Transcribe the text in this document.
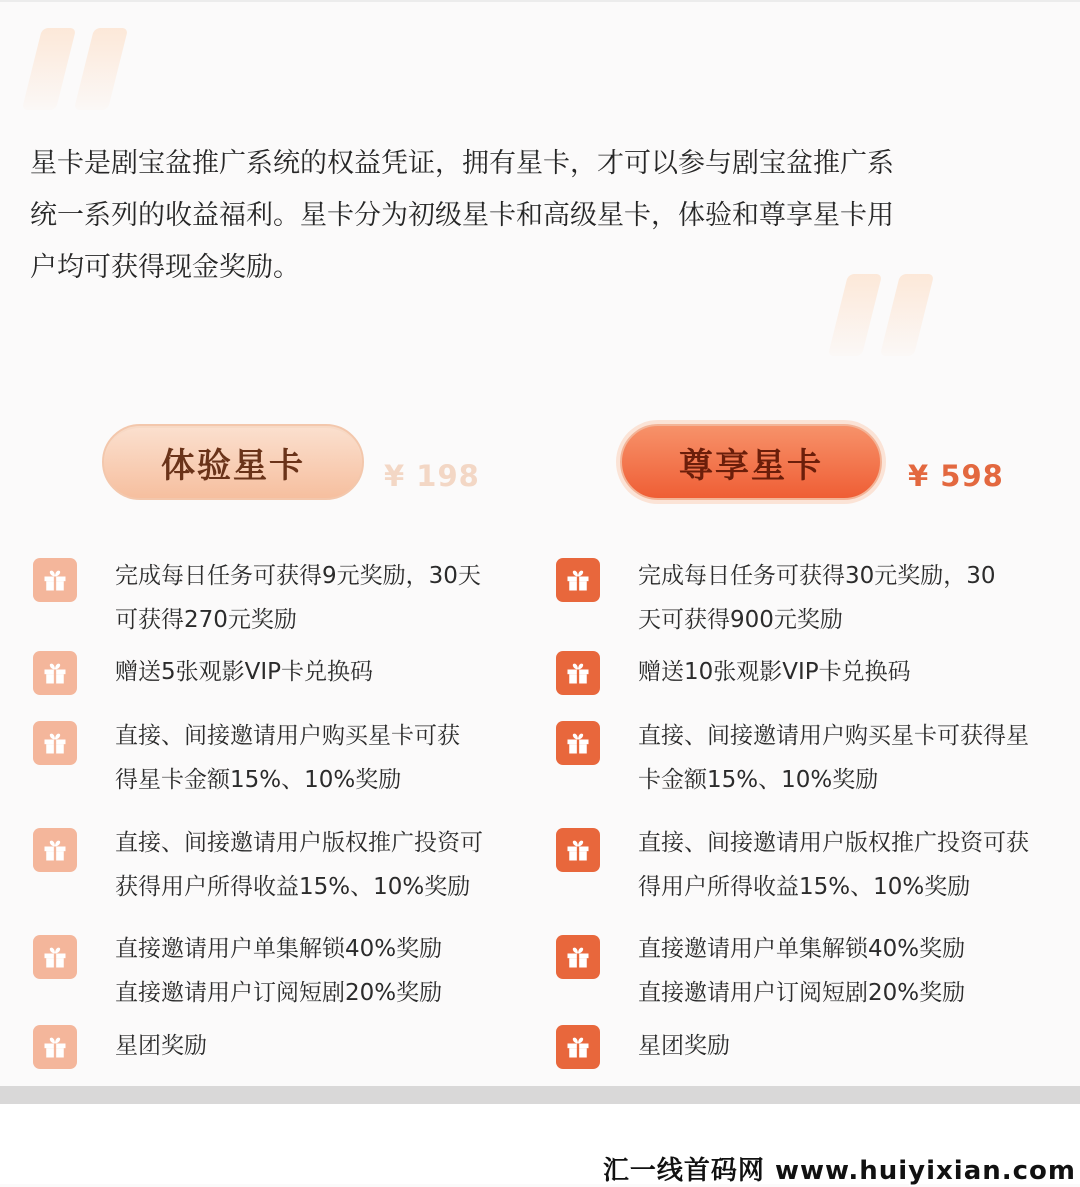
星卡是剧宝盆推广系统的权益凭证，拥有星卡，才可以参与剧宝盆推广系
统一系列的收益福利。星卡分为初级星卡和高级星卡，体验和尊享星卡用
户均可获得现金奖励。

体验星卡	¥ 198	尊享星卡	¥ 598

完成每日任务可获得9元奖励，30天
可获得270元奖励

赠送5张观影VIP卡兑换码

直接、间接邀请用户购买星卡可获
得星卡金额15%、10%奖励

直接、间接邀请用户版权推广投资可
获得用户所得收益15%、10%奖励

直接邀请用户单集解锁40%奖励
直接邀请用户订阅短剧20%奖励

星团奖励

完成每日任务可获得30元奖励，30
天可获得900元奖励

赠送10张观影VIP卡兑换码

直接、间接邀请用户购买星卡可获得星
卡金额15%、10%奖励

直接、间接邀请用户版权推广投资可获
得用户所得收益15%、10%奖励

直接邀请用户单集解锁40%奖励
直接邀请用户订阅短剧20%奖励

星团奖励

汇一线首码网 www.huiyixian.com
